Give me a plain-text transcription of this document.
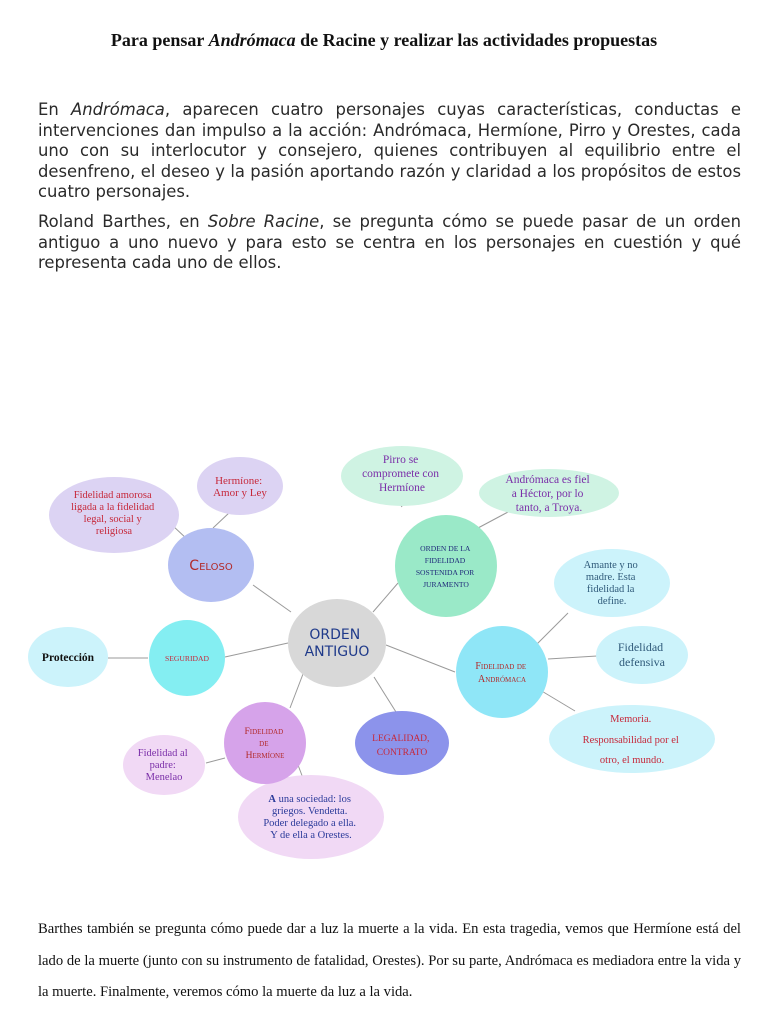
Para pensar Andrómaca de Racine y realizar las actividades propuestas
En Andrómaca, aparecen cuatro personajes cuyas características, conductas e intervenciones dan impulso a la acción: Andrómaca, Hermíone, Pirro y Orestes, cada uno con su interlocutor y consejero, quienes contribuyen al equilibrio entre el desenfreno, el deseo y la pasión aportando razón y claridad a los propósitos de estos cuatro personajes.
Roland Barthes, en Sobre Racine, se pregunta cómo se puede pasar de un orden antiguo a uno nuevo y para esto se centra en los personajes en cuestión y qué representa cada uno de ellos.
Fidelidad amorosa ligada a la fidelidad legal, social y religiosa
Hermíone: Amor y Ley
Celoso
Pirro se compromete con Hermíone
Andrómaca es fiel a Héctor, por lo tanto, a Troya.
ORDEN DE LA FIDELIDAD SOSTENIDA POR JURAMENTO
Amante y no madre. Esta fidelidad la define.
Fidelidad defensiva
Memoria. Responsabilidad por el otro, el mundo.
Fidelidad de Andrómaca
Protección	SEGURIDAD
Fidelidad al padre: Menelao
A una sociedad: los griegos. Vendetta. Poder delegado a ella. Y de ella a Orestes.
Fidelidad de Hermíone
LEGALIDAD, CONTRATO
ORDEN ANTIGUO
Barthes también se pregunta cómo puede dar a luz la muerte a la vida. En esta tragedia, vemos que Hermíone está del lado de la muerte (junto con su instrumento de fatalidad, Orestes). Por su parte, Andrómaca es mediadora entre la vida y la muerte. Finalmente, veremos cómo la muerte da luz a la vida.
